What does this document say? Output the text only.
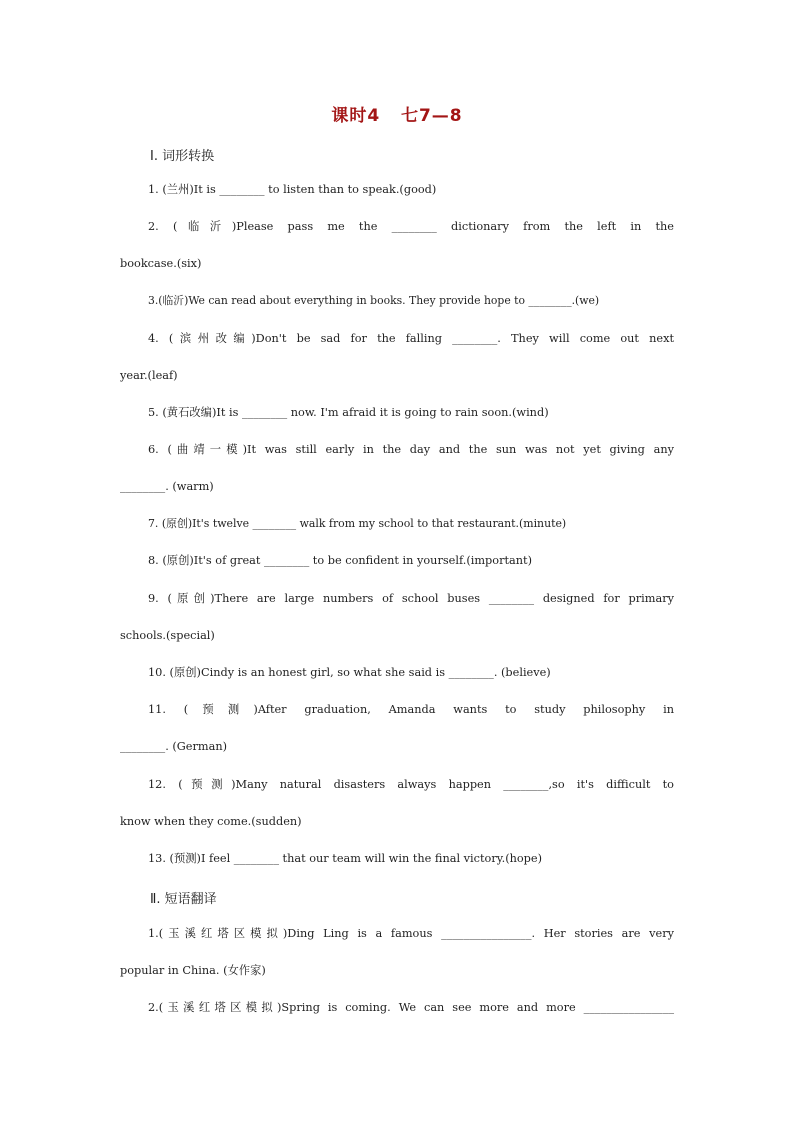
课时4   七7—8
Ⅰ. 词形转换
1. (兰州)It is ________ to listen than to speak.(good)
2. (临沂)Please pass me the ________ dictionary from the left in the
bookcase.(six)
3.(临沂)We can read about everything in books. They provide hope to ________.(we)
4. (滨州改编)Don't be sad for the falling ________. They will come out next
year.(leaf)
5. (黄石改编)It is ________ now. I'm afraid it is going to rain soon.(wind)
6. (曲靖一模)It was still early in the day and the sun was not yet giving any
________. (warm)
7. (原创)It's twelve ________ walk from my school to that restaurant.(minute)
8. (原创)It's of great ________ to be confident in yourself.(important)
9. (原创)There are large numbers of school buses ________ designed for primary
schools.(special)
10. (原创)Cindy is an honest girl, so what she said is ________. (believe)
11. (预测)After graduation, Amanda wants to study philosophy in
________. (German)
12. (预测)Many natural disasters always happen ________,so it's difficult to
know when they come.(sudden)
13. (预测)I feel ________ that our team will win the final victory.(hope)
Ⅱ. 短语翻译
1.(玉溪红塔区模拟)Ding Ling is a famous ________________. Her stories are very
popular in China. (女作家)
2.(玉溪红塔区模拟)Spring is coming. We can see more and more ________________
